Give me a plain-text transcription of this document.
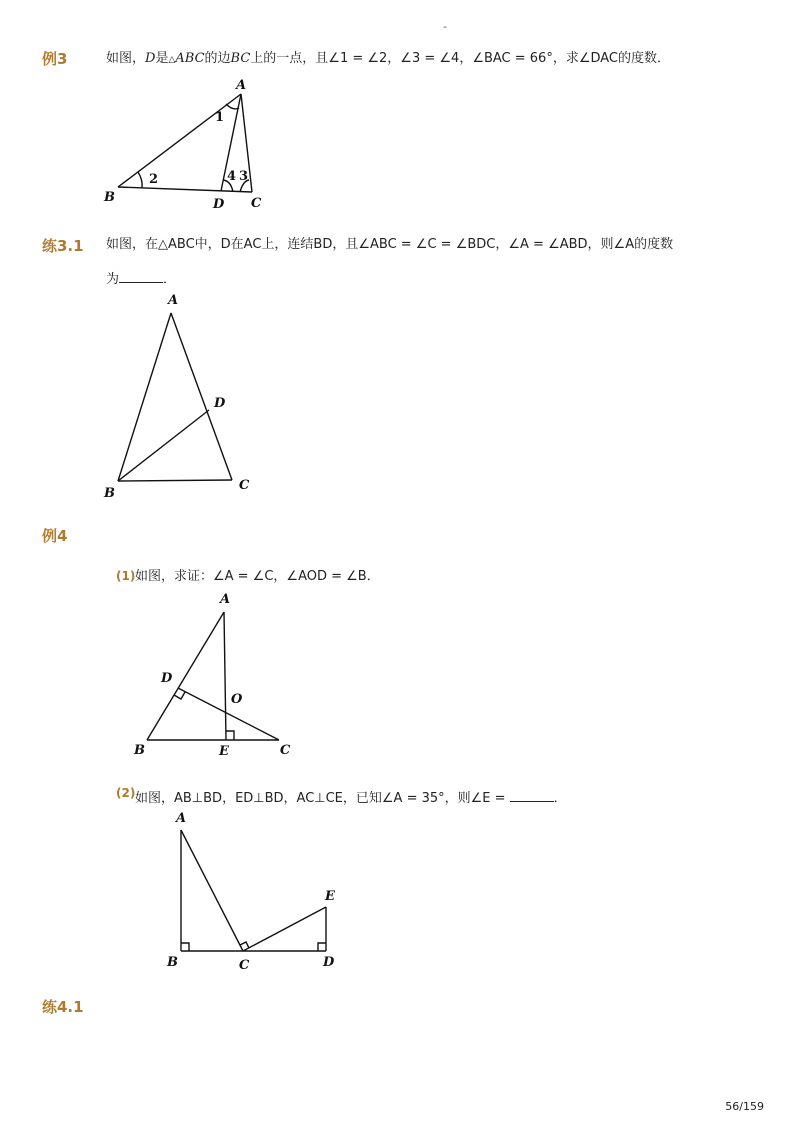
-
例3	如图，D是△ABC的边BC上的一点，且∠1 = ∠2，∠3 = ∠4，∠BAC = 66°，求∠DAC的度数．
A
B	C
D
1
2	3
4
练3.1 如图，在△ABC中，D在AC上，连结BD，且∠ABC = ∠C = ∠BDC，∠A = ∠ABD，则∠A的度数
为	．
A
B
C
D
例4
(1) 如图，求证：∠A = ∠C，∠AOD = ∠B．
A
B	C
D
E
O
(2) 如图，AB⊥BD，ED⊥BD，AC⊥CE，已知∠A = 35°，则∠E =	．
A
B	C	D
E
练4.1
56/159
